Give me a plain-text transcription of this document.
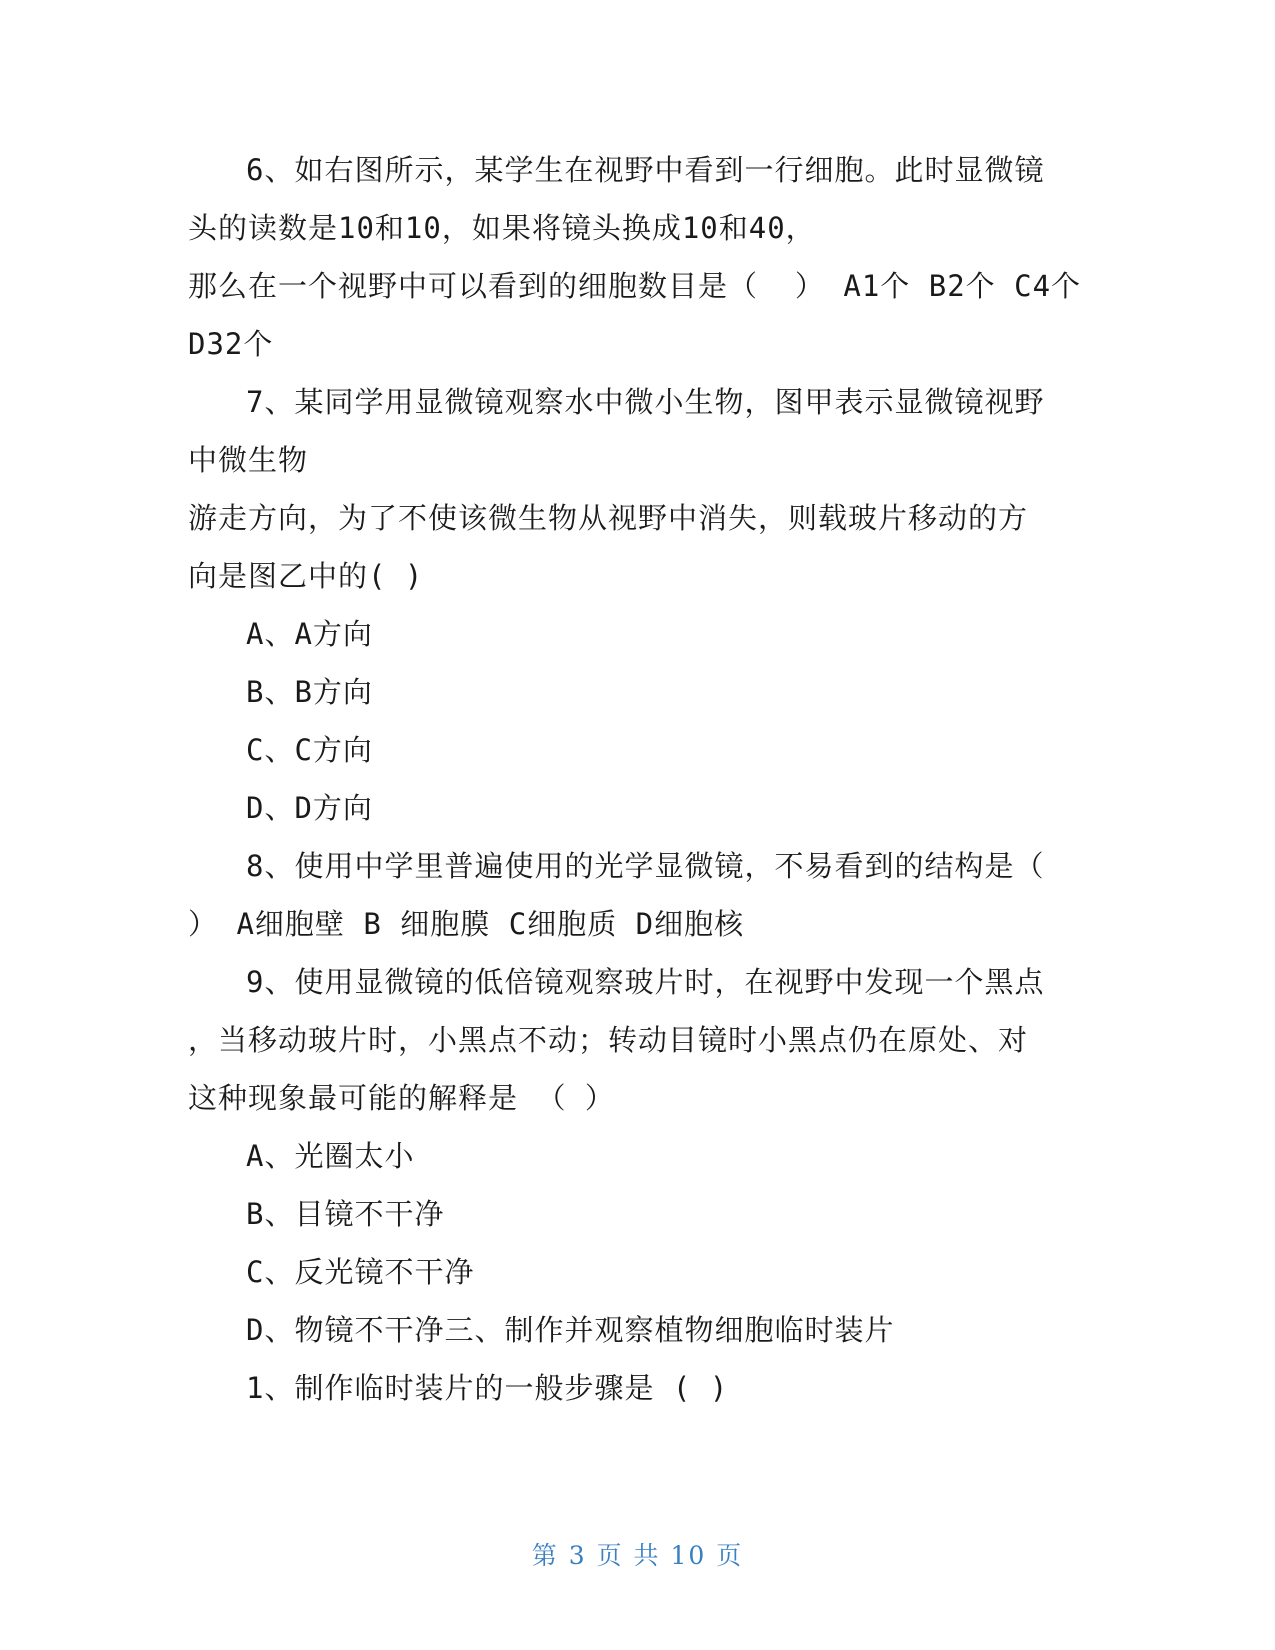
6、如右图所示，某学生在视野中看到一行细胞。此时显微镜
头的读数是10和10，如果将镜头换成10和40，
那么在一个视野中可以看到的细胞数目是（  ） A1个 B2个 C4个
D32个
7、某同学用显微镜观察水中微小生物，图甲表示显微镜视野
中微生物
游走方向，为了不使该微生物从视野中消失，则载玻片移动的方
向是图乙中的( )
A、A方向
B、B方向
C、C方向
D、D方向
8、使用中学里普遍使用的光学显微镜，不易看到的结构是（
） A细胞壁 B 细胞膜 C细胞质 D细胞核
9、使用显微镜的低倍镜观察玻片时，在视野中发现一个黑点
，当移动玻片时，小黑点不动；转动目镜时小黑点仍在原处、对
这种现象最可能的解释是 （ ）
A、光圈太小
B、目镜不干净
C、反光镜不干净
D、物镜不干净三、制作并观察植物细胞临时装片
1、制作临时装片的一般步骤是 ( )
第 3 页 共 10 页
